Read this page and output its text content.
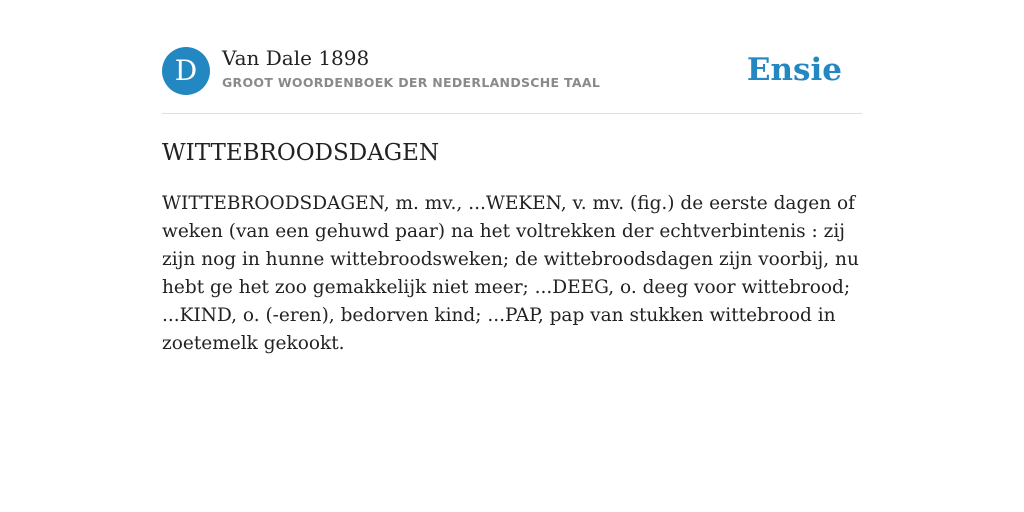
D	Van Dale 1898
GROOT WOORDENBOEK DER NEDERLANDSCHE TAAL	Ensie
WITTEBROODSDAGEN

WITTEBROODSDAGEN, m. mv., ...WEKEN, v. mv. (fig.) de eerste dagen of weken (van een gehuwd paar) na het voltrekken der echtverbintenis : zij zijn nog in hunne wittebroodsweken; de wittebroodsdagen zijn voorbij, nu hebt ge het zoo gemakkelijk niet meer; ...DEEG, o. deeg voor wittebrood; ...KIND, o. (-eren), bedorven kind; ...PAP, pap van stukken wittebrood in zoetemelk gekookt.
